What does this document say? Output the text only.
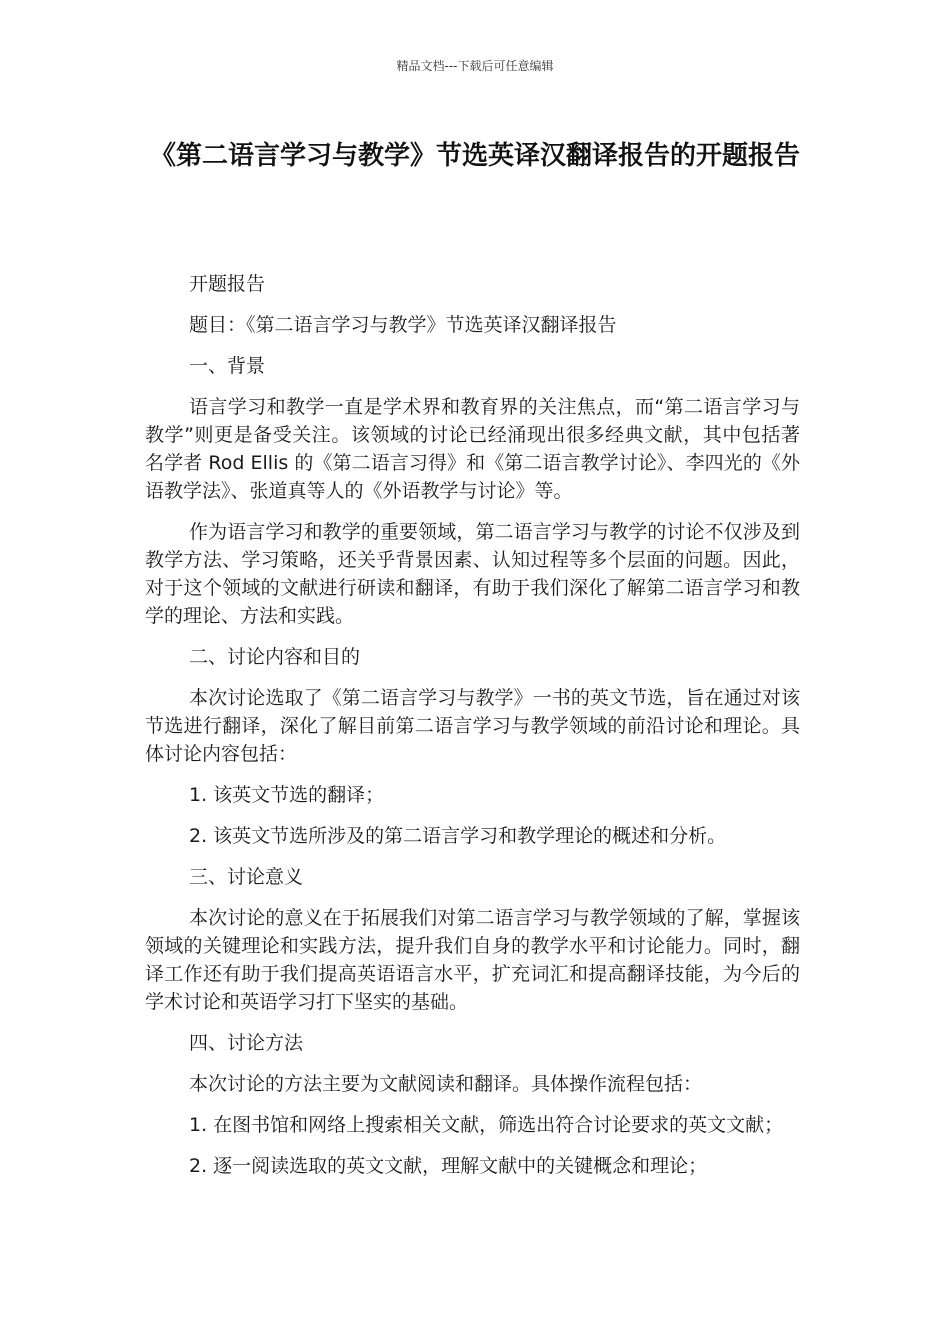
精品文档---下载后可任意编辑
《第二语言学习与教学》节选英译汉翻译报告的开题报告

开题报告

题目：《第二语言学习与教学》节选英译汉翻译报告

一、背景

语言学习和教学一直是学术界和教育界的关注焦点，而“第二语言学习与教学”则更是备受关注。该领域的讨论已经涌现出很多经典文献，其中包括著名学者 Rod Ellis 的《第二语言习得》和《第二语言教学讨论》、李四光的《外语教学法》、张道真等人的《外语教学与讨论》等。

作为语言学习和教学的重要领域，第二语言学习与教学的讨论不仅涉及到教学方法、学习策略，还关乎背景因素、认知过程等多个层面的问题。因此，对于这个领域的文献进行研读和翻译，有助于我们深化了解第二语言学习和教学的理论、方法和实践。

二、讨论内容和目的

本次讨论选取了《第二语言学习与教学》一书的英文节选，旨在通过对该节选进行翻译，深化了解目前第二语言学习与教学领域的前沿讨论和理论。具体讨论内容包括：

1. 该英文节选的翻译；

2. 该英文节选所涉及的第二语言学习和教学理论的概述和分析。

三、讨论意义

本次讨论的意义在于拓展我们对第二语言学习与教学领域的了解，掌握该领域的关键理论和实践方法，提升我们自身的教学水平和讨论能力。同时，翻译工作还有助于我们提高英语语言水平，扩充词汇和提高翻译技能，为今后的学术讨论和英语学习打下坚实的基础。

四、讨论方法

本次讨论的方法主要为文献阅读和翻译。具体操作流程包括：

1. 在图书馆和网络上搜索相关文献，筛选出符合讨论要求的英文文献；

2. 逐一阅读选取的英文文献，理解文献中的关键概念和理论；
